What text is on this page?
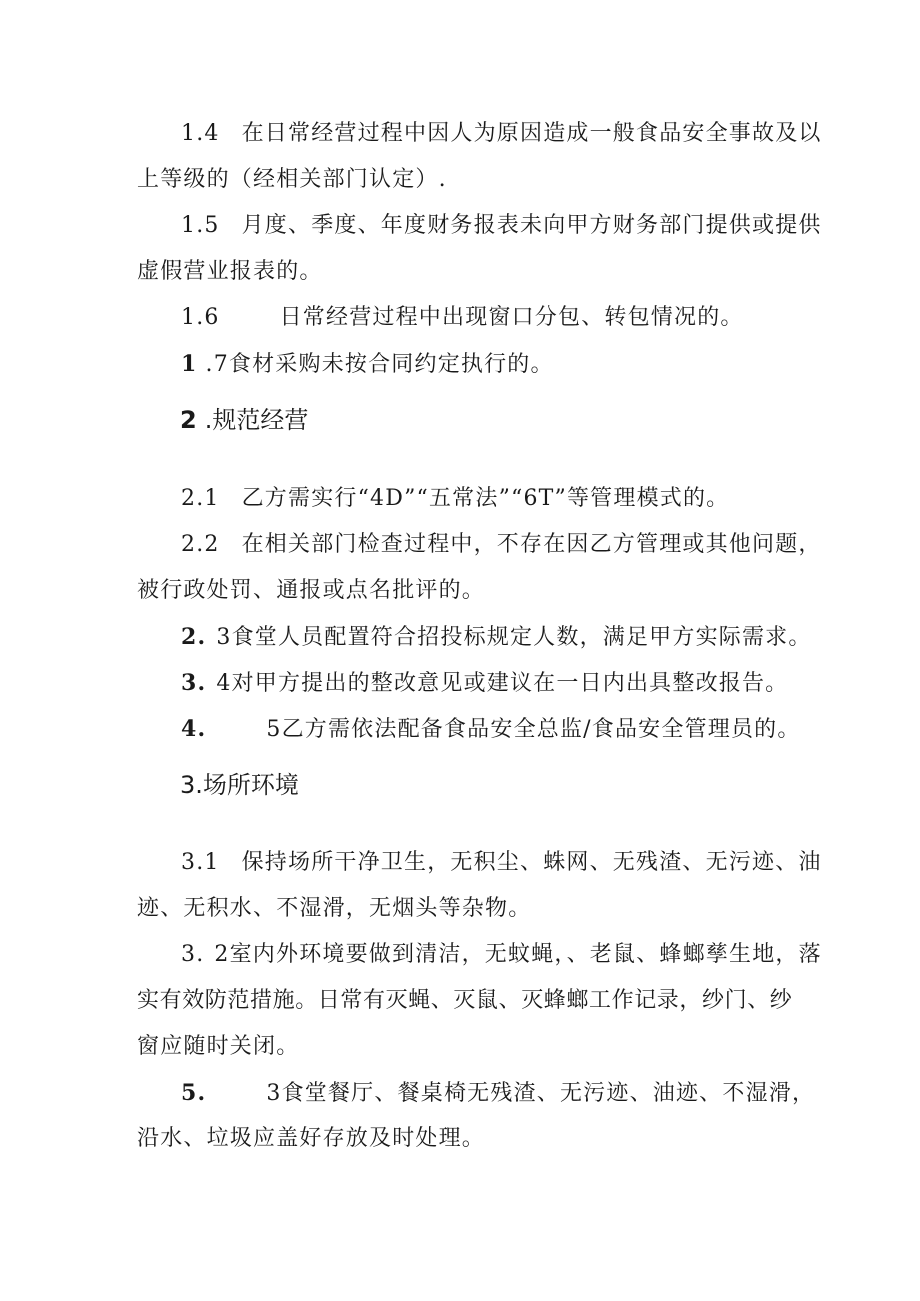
1.4 在日常经营过程中因人为原因造成一般食品安全事故及以
上等级的（经相关部门认定）.
1.5 月度、季度、年度财务报表未向甲方财务部门提供或提供
虚假营业报表的。
1.6	日常经营过程中出现窗口分包、转包情况的。
1 .7食材采购未按合同约定执行的。
2 .规范经营
2.1 乙方需实行“4D”“五常法”“6T”等管理模式的。
2.2 在相关部门检查过程中，不存在因乙方管理或其他问题，
被行政处罚、通报或点名批评的。
2. 3食堂人员配置符合招投标规定人数，满足甲方实际需求。
3. 4对甲方提出的整改意见或建议在一日内出具整改报告。
4.	5乙方需依法配备食品安全总监/食品安全管理员的。
3.场所环境
3.1 保持场所干净卫生，无积尘、蛛网、无残渣、无污迹、油
迹、无积水、不湿滑，无烟头等杂物。
3. 2室内外环境要做到清洁，无蚊蝇，、老鼠、蜂螂孳生地，落
实有效防范措施。日常有灭蝇、灭鼠、灭蜂螂工作记录，纱门、纱
窗应随时关闭。
5.	3食堂餐厅、餐桌椅无残渣、无污迹、油迹、不湿滑，
沿水、垃圾应盖好存放及时处理。
